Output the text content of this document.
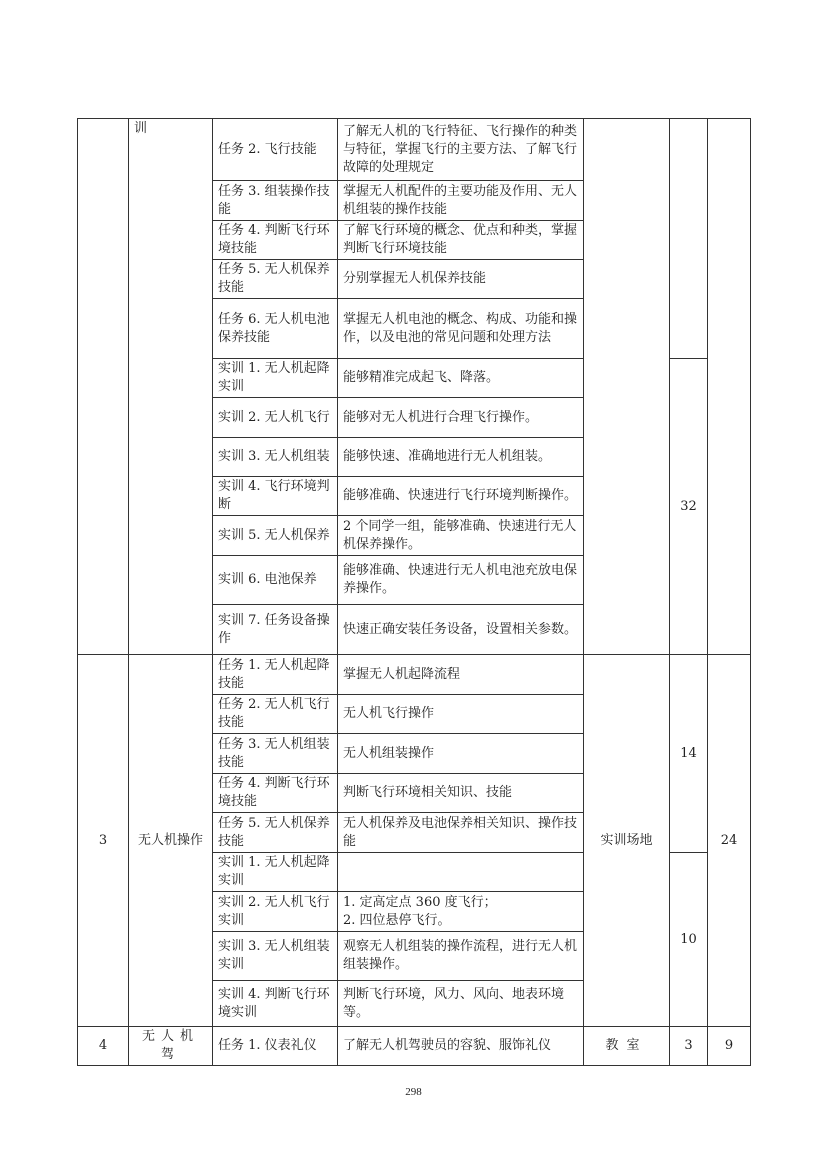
	训	任务 2. 飞行技能	了解无人机的飞行特征、飞行操作的种类与特征，掌握飞行的主要方法、了解飞行故障的处理规定			
		任务 3. 组装操作技能	掌握无人机配件的主要功能及作用、无人机组装的操作技能			
		任务 4. 判断飞行环境技能	了解飞行环境的概念、优点和种类，掌握判断飞行环境技能			
		任务 5. 无人机保养技能	分别掌握无人机保养技能			
		任务 6. 无人机电池保养技能	掌握无人机电池的概念、构成、功能和操作，以及电池的常见问题和处理方法			
		实训 1. 无人机起降实训	能够精准完成起飞、降落。		32	
		实训 2. 无人机飞行	能够对无人机进行合理飞行操作。			
		实训 3. 无人机组装	能够快速、准确地进行无人机组装。			
		实训 4. 飞行环境判断	能够准确、快速进行飞行环境判断操作。			
		实训 5. 无人机保养	2 个同学一组，能够准确、快速进行无人机保养操作。			
		实训 6. 电池保养	能够准确、快速进行无人机电池充放电保养操作。			
		实训 7. 任务设备操作	快速正确安装任务设备，设置相关参数。			
3	无人机操作	任务 1. 无人机起降技能	掌握无人机起降流程	实训场地	14	24
		任务 2. 无人机飞行技能	无人机飞行操作			
		任务 3. 无人机组装技能	无人机组装操作			
		任务 4. 判断飞行环境技能	判断飞行环境相关知识、技能			
		任务 5. 无人机保养技能	无人机保养及电池保养相关知识、操作技能			
		实训 1. 无人机起降实训			10	
		实训 2. 无人机飞行实训	1. 定高定点 360 度飞行；
2. 四位悬停飞行。			
		实训 3. 无人机组装实训	观察无人机组装的操作流程，进行无人机组装操作。			
		实训 4. 判断飞行环境实训	判断飞行环境，风力、风向、地表环境等。			
4	无人机驾	任务 1. 仪表礼仪	了解无人机驾驶员的容貌、服饰礼仪	教室	3	9
298
